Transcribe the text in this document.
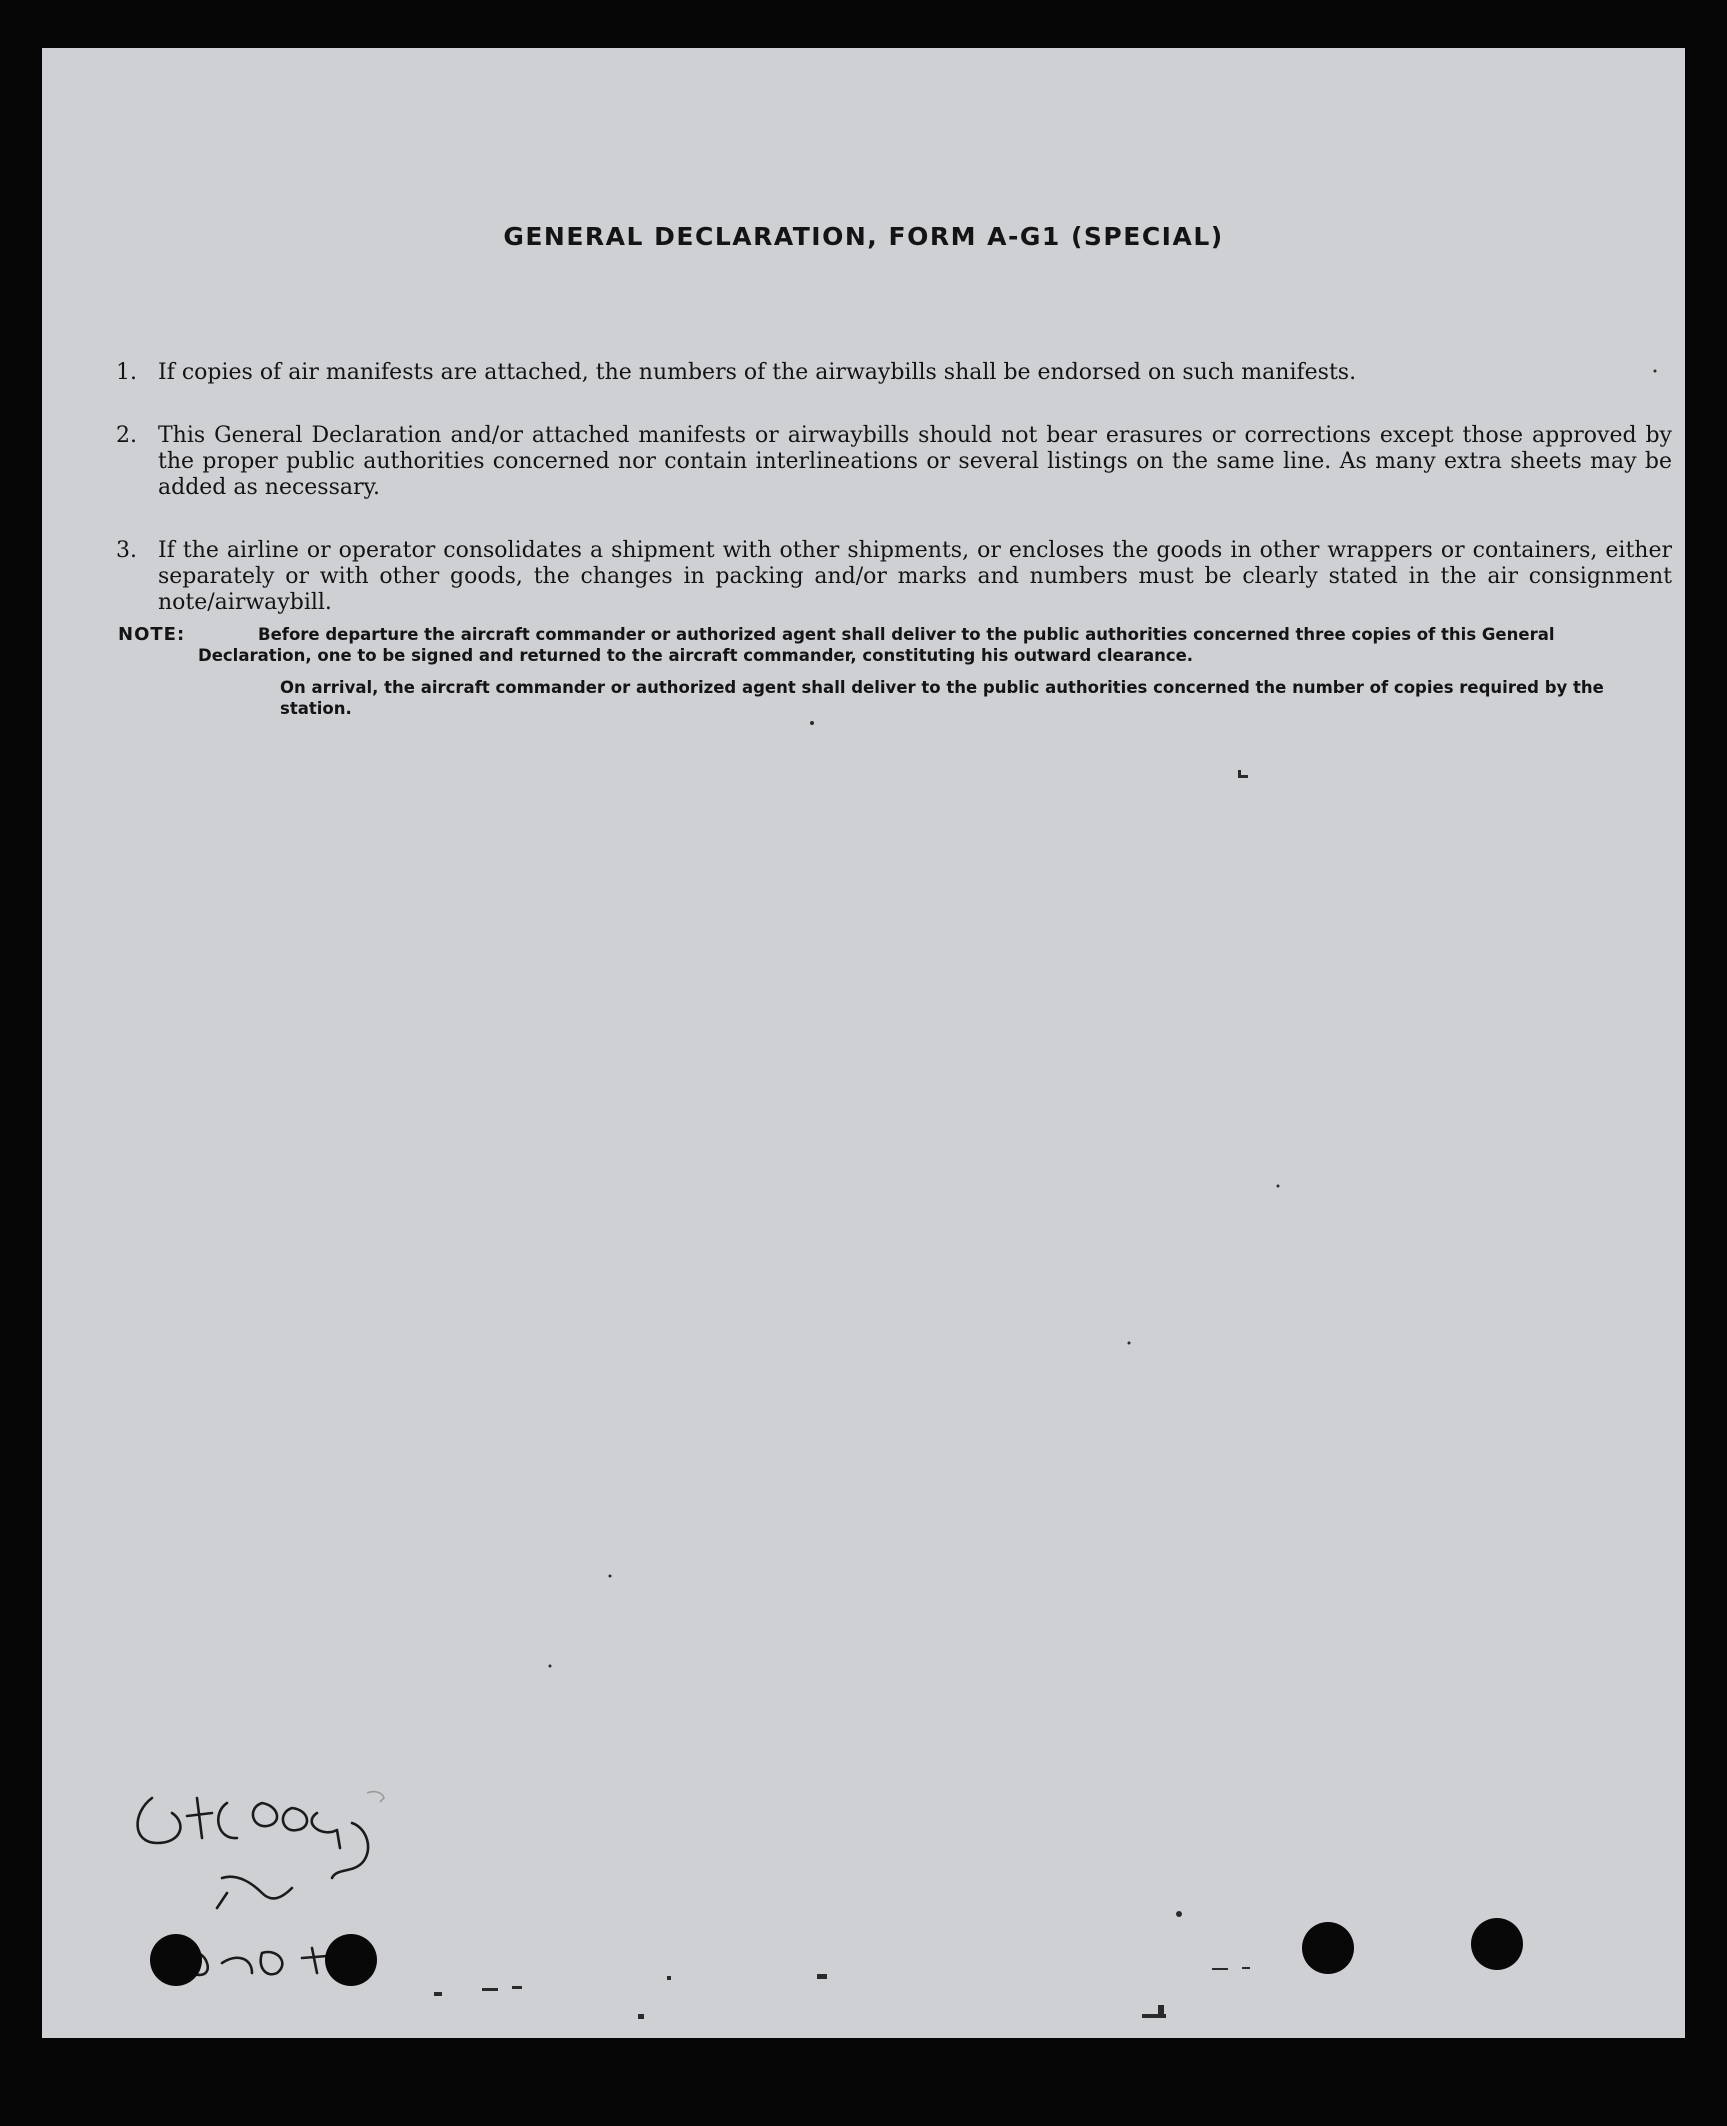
GENERAL DECLARATION, FORM A-G1 (SPECIAL)
1. If copies of air manifests are attached, the numbers of the airwaybills shall be endorsed on such manifests.
2. This General Declaration and/or attached manifests or airwaybills should not bear erasures or corrections except those approved by the proper public authorities concerned nor contain interlineations or several listings on the same line. As many extra sheets may be added as necessary.
3. If the airline or operator consolidates a shipment with other shipments, or encloses the goods in other wrappers or containers, either separately or with other goods, the changes in packing and/or marks and numbers must be clearly stated in the air consignment note/airwaybill.
NOTE:	Before departure the aircraft commander or authorized agent shall deliver to the public authorities concerned three copies of this General Declaration, one to be signed and returned to the aircraft commander, constituting his outward clearance.
On arrival, the aircraft commander or authorized agent shall deliver to the public authorities concerned the number of copies required by the station.
